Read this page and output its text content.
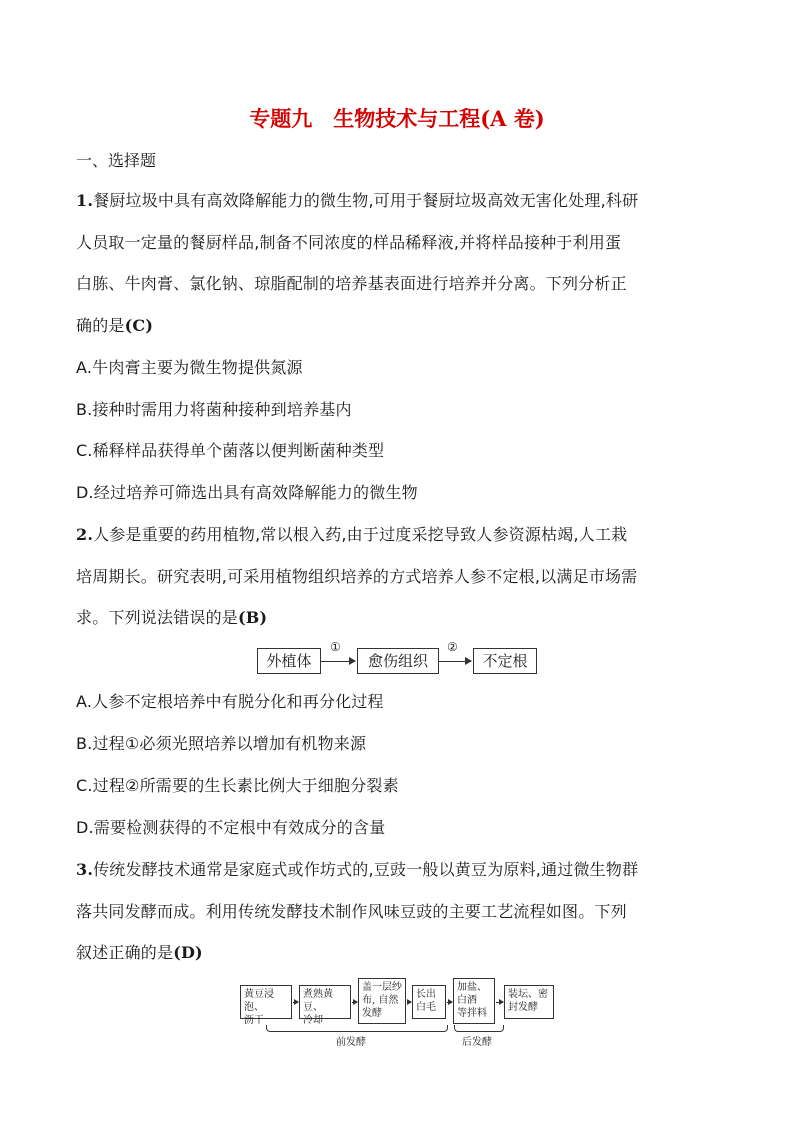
专题九　生物技术与工程(A 卷)
一、选择题
1.餐厨垃圾中具有高效降解能力的微生物,可用于餐厨垃圾高效无害化处理,科研
人员取一定量的餐厨样品,制备不同浓度的样品稀释液,并将样品接种于利用蛋
白胨、牛肉膏、氯化钠、琼脂配制的培养基表面进行培养并分离。下列分析正
确的是(C)
A.牛肉膏主要为微生物提供氮源
B.接种时需用力将菌种接种到培养基内
C.稀释样品获得单个菌落以便判断菌种类型
D.经过培养可筛选出具有高效降解能力的微生物
2.人参是重要的药用植物,常以根入药,由于过度采挖导致人参资源枯竭,人工栽
培周期长。研究表明,可采用植物组织培养的方式培养人参不定根,以满足市场需
求。下列说法错误的是(B)
外植体
①
愈伤组织
②
不定根
A.人参不定根培养中有脱分化和再分化过程
B.过程①必须光照培养以增加有机物来源
C.过程②所需要的生长素比例大于细胞分裂素
D.需要检测获得的不定根中有效成分的含量
3.传统发酵技术通常是家庭式或作坊式的,豆豉一般以黄豆为原料,通过微生物群
落共同发酵而成。利用传统发酵技术制作风味豆豉的主要工艺流程如图。下列
叙述正确的是(D)
黄豆浸泡、
沥干
煮熟黄豆、
冷却
盖一层纱
布, 自然
发酵
长出
白毛
加盐、
白酒
等拌料
装坛、密
封发酵
前发酵	后发酵
